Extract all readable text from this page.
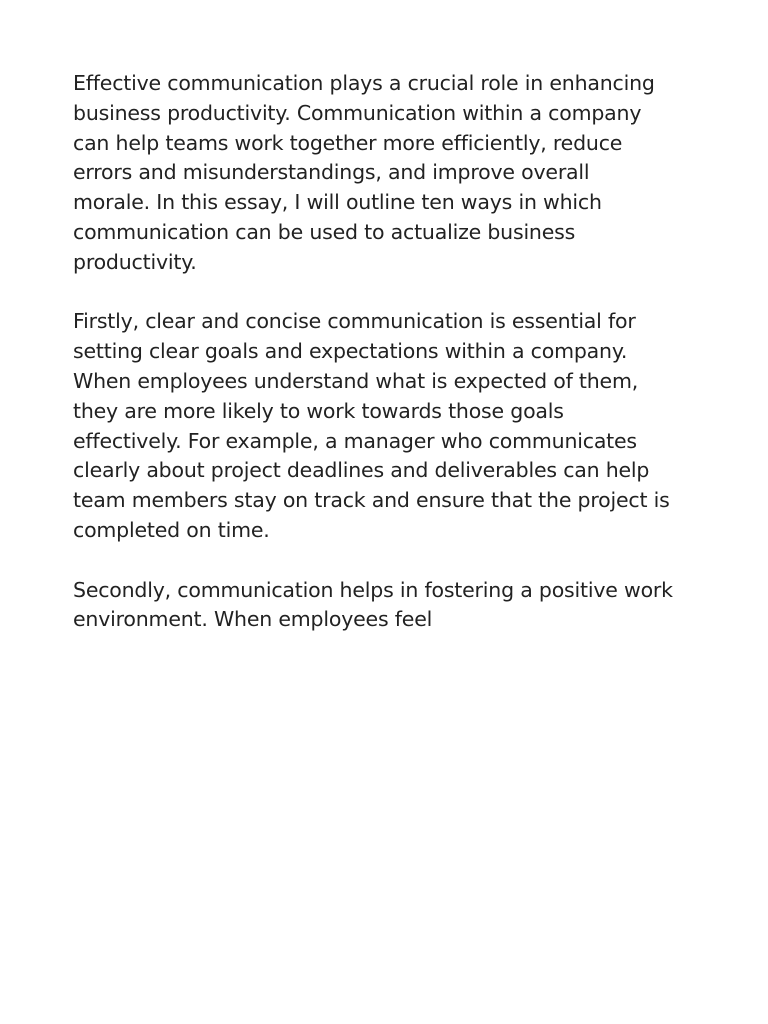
Effective communication plays a crucial role in enhancing
business productivity. Communication within a company
can help teams work together more efficiently, reduce
errors and misunderstandings, and improve overall
morale. In this essay, I will outline ten ways in which
communication can be used to actualize business
productivity.

Firstly, clear and concise communication is essential for
setting clear goals and expectations within a company.
When employees understand what is expected of them,
they are more likely to work towards those goals
effectively. For example, a manager who communicates
clearly about project deadlines and deliverables can help
team members stay on track and ensure that the project is
completed on time.

Secondly, communication helps in fostering a positive work
environment. When employees feel
